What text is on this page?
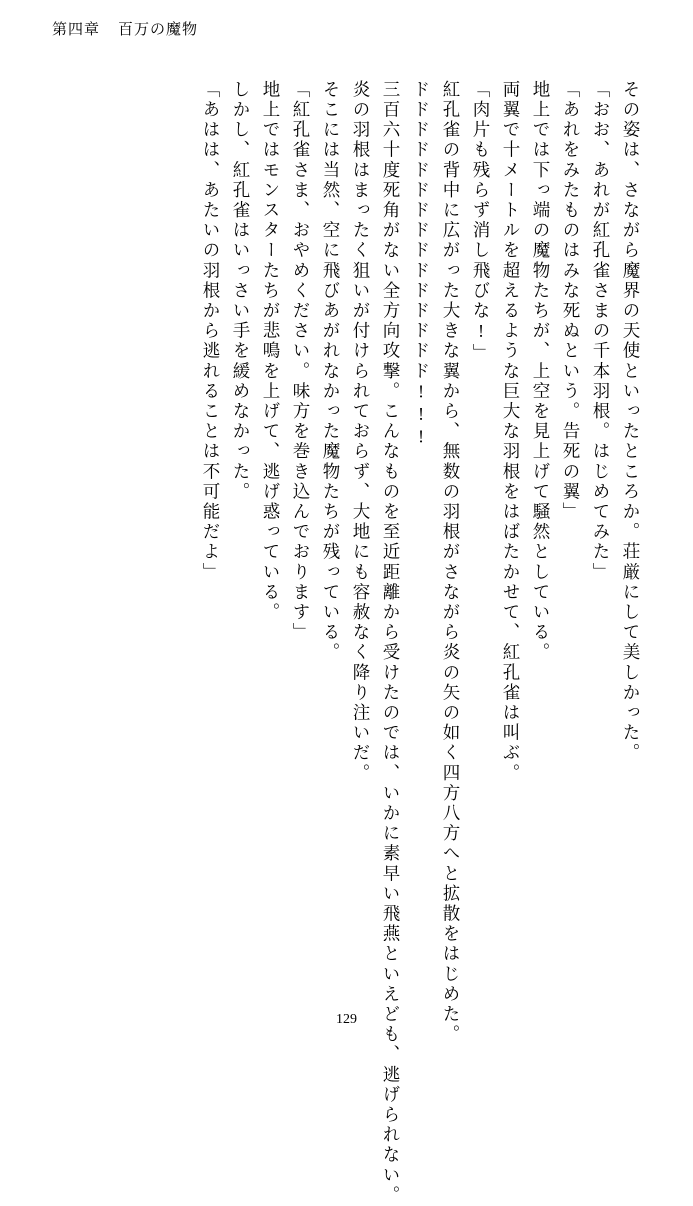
第四章 百万の魔物
その姿は、さながら魔界の天使といったところか。荘厳にして美しかった。
「おお、あれが紅孔雀さまの千本羽根。はじめてみた」
「あれをみたものはみな死ぬという。告死の翼」
地上では下っ端の魔物たちが、上空を見上げて騒然としている。
両翼で十メートルを超えるような巨大な羽根をはばたかせて、紅孔雀は叫ぶ。
「肉片も残らず消し飛びな!」
紅孔雀の背中に広がった大きな翼から、無数の羽根がさながら炎の矢の如く四方八方へと拡散をはじめた。
ドドドドドドドドドドドドドドド!!!
三百六十度死角がない全方向攻撃。こんなものを至近距離から受けたのでは、いかに素早い飛燕といえども、逃げられない。
炎の羽根はまったく狙いが付けられておらず、大地にも容赦なく降り注いだ。
そこには当然、空に飛びあがれなかった魔物たちが残っている。
「紅孔雀さま、おやめください。味方を巻き込んでおります」
地上ではモンスターたちが悲鳴を上げて、逃げ惑っている。
しかし、紅孔雀はいっさい手を緩めなかった。
「あはは、あたいの羽根から逃れることは不可能だよ」
129
